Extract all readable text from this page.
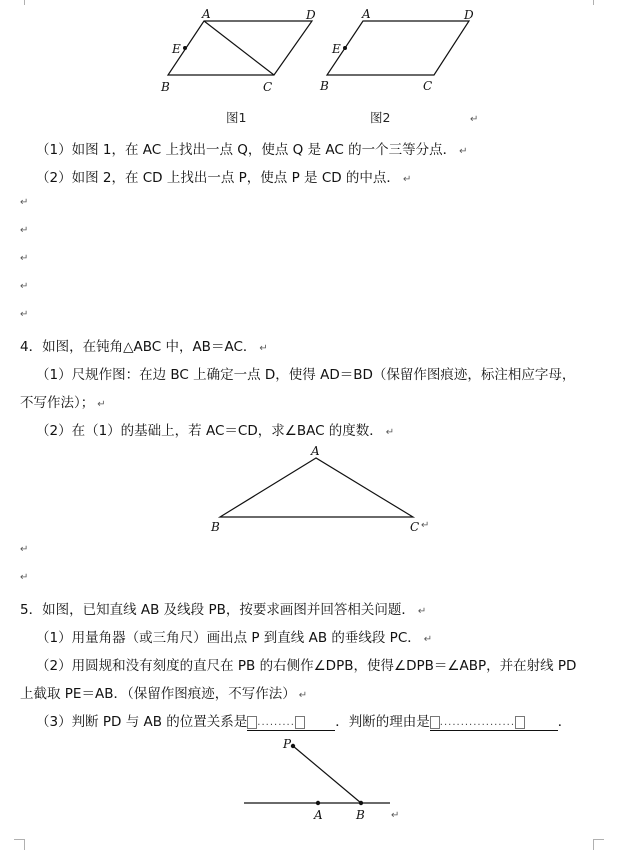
A	D
E
B	C
图1
A	D
E
B	C
图2	↵
（1）如图 1，在 AC 上找出一点 Q，使点 Q 是 AC 的一个三等分点． ↵
（2）如图 2，在 CD 上找出一点 P，使点 P 是 CD 的中点． ↵
↵
↵
↵
↵
↵
4．如图，在钝角△ABC 中，AB＝AC． ↵
（1）尺规作图：在边 BC 上确定一点 D，使得 AD＝BD（保留作图痕迹，标注相应字母，
不写作法）； ↵
（2）在（1）的基础上，若 AC＝CD，求∠BAC 的度数． ↵
A
B	C ↵
↵
↵
5．如图，已知直线 AB 及线段 PB，按要求画图并回答相关问题． ↵
（1）用量角器（或三角尺）画出点 P 到直线 AB 的垂线段 PC． ↵
（2）用圆规和没有刻度的直尺在 PB 的右侧作∠DPB，使得∠DPB＝∠ABP，并在射线 PD
上截取 PE＝AB．（保留作图痕迹，不写作法） ↵
（3）判断 PD 与 AB 的位置关系是 ·········	．判断的理由是 ··················	．
P
A	B	↵
